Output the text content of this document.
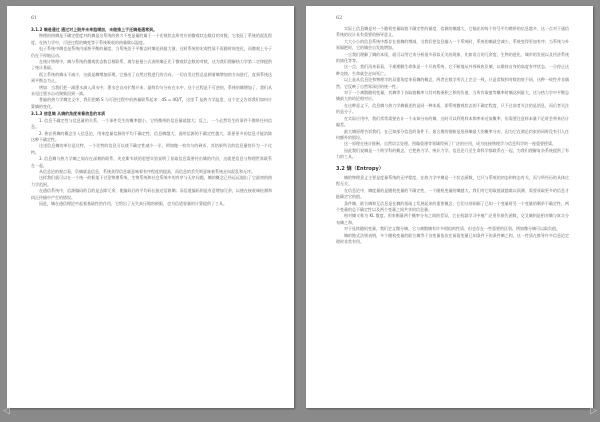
61

3.1.2 熵是通过 通过对上限并未来趋增加，未做推上于还熵是通常到。

物理的热熵是不确定程度对的熵是这系统的热力不变是量的属于一个宏观状态所对应的微观状态数目的对数，它表征了系统的混乱程度。在热力学中，可逆过程的熵变等于系统吸收的热量除以温度。

电子系统中熵也是系统内部热平衡的量度，当系统处于平衡态时熵达到最大值，这时系统的宏观性质不再随时间变化，而微观上分子仍在不停地运动。

在统计物理中，熵与系统的微观状态数目相联系，玻尔兹曼公式表明熵正比于微观状态数的对数，这为我们理解热力学第二定律提供了统计基础。

孤立系统的熵永不减少，这就是熵增加原理。它指出了自然过程进行的方向，一切自发过程总是朝着熵增加的方向进行，直到系统达到平衡态为止。

例如：当我们把一滴墨水滴入清水中，墨水会自动扩散开来，最终均匀分布在水中，这个过程是不可逆的，系统的熵增加了，我们从未见过墨水自动聚集回到一滴。

普遍的热力学熵定义中，我们把熵 S 与可逆过程中的热量联系起来：dS = dQ/T，这里 T 是热力学温度，这个定义告诉我们如何计算熵的变化。

3.1.3 信息熵 从熵的角度来看信息的本质

1. 信息不确定性与信息量的关系，一个事件发生的概率越小，它所携带的信息量就越大；反之，一个必然发生的事件不携带任何信息。

2. 香农将熵的概念引入信息论，用来度量信源的平均不确定性，信息熵越大，说明信源的不确定性越大，需要更多的信息才能消除这种不确定性。

这里信息熵的单位是比特，一个比特的信息可以使不确定性减少一半，例如抛一枚均匀的硬币，其结果所含的信息量恰好为一个比特。

3. 信息熵与热力学熵之间存在深刻的联系，麦克斯韦妖的思想实验说明了获取信息需要付出熵的代价，这就把信息与物理世界联系在一起。

从信息论的观点看，负熵就是信息，系统获得信息就意味着有序程度的提高，而信息的丢失则意味着系统走向混乱和无序。

这样我们就可以在一个统一的框架下讨论物理系统、生物系统和社会系统中的有序与无序问题，熵的概念已经远远超出了它最初的热力学范围。

在通信系统中，信源编码的目的是去除冗余，使编码后的平均码长接近信源熵；而信道编码则是有意增加冗余，以便在接收端检测和纠正传输中产生的错误。

因此，熵在通信理论中起着基础性的作用，它给出了无失真压缩的极限，也为信道容量的计算提供了工具。

62

实际上信息熵是对一个随机变量取值不确定性的量度，信源的熵越大，它输出的每个符号平均携带的信息越多，这一点对于通信系统的设计具有重要的指导意义。

大大小小的信息系统中都存在着熵的增减，当我们把信息输入一个系统时，系统的熵就会减少，系统变得更加有序；当系统与外界隔绝时，它的熵会自发地增加。

一旦我们理解了熵的本质，就可以用它来分析很多看似无关的现象，比如语言的冗余度、生物的进化、城市的发展以及经济系统的演化等等。

这一点，我们再来看看，不难理解生命体是一个开放系统，它不断地从外界吸收负熵，以维持自身的高度有序状态，一旦停止这种交换，生命就会走向死亡。

以上是从信息论和物理学的双重角度来看熵的概念，两者在数学形式上完全一致，只是常数和对数的底不同，这种一致性并非偶然，它反映了自然界深层的统一性。

对于一个离散随机变量，其熵等于各取值概率与其对数乘积之和的负值，当所有取值等概率时熵达到最大，这与热力学中平衡态熵最大的结论相对应。

在这种意义下，信息熵与热力学熵描述的是同一种本质，即系统微观状态的不确定程度，只不过前者关注的是消息，而后者关注的是分子。

在实际应用中，我们常常需要估计一个未知分布的熵，这时可以利用样本频率来近似概率，但需要注意样本量不足时会带来估计偏差。

最大熵原理告诉我们，在已知部分信息的条件下，最合理的推断是选择熵最大的概率分布，因为它在满足约束的同时没有引入任何额外的假设。

这一原理在统计推断、自然语言处理、图像重建等领域得到了广泛的应用，成为连接物理学与信息科学的一座重要桥梁。

因此我们说熵是一个跨学科的概念，它把热力学、统计力学、信息论乃至生命科学都联系在一起，为我们理解复杂系统提供了有力的工具。

3.2 熵（Entropy）

熵的物理意义主要是度量系统的无序程度，在热力学中熵是一个状态函数，它只与系统的初态和终态有关，而与所经历的具体过程无关。

在信息论中，熵度量的是随机变量的不确定性，一个随机变量的熵越大，我们对它的取值就越难以预测，需要获取更多的信息才能确定它的值。

条件熵、联合熵和互信息是在熵的基础上发展起来的重要概念，它们分别刻画了已知一个变量时另一个变量的剩余不确定性、两个变量的总不确定性以及两个变量之间共享的信息量。

相对熵又称为 KL 散度，用来衡量两个概率分布之间的差异，它在机器学习中被广泛用作损失函数，交叉熵则是相对熵与真实分布熵之和。

对于连续随机变量，我们定义微分熵，它与离散熵有许多相似的性质，但也存在一些重要的区别，例如微分熵可以取负值。

熵的链式法则表明，多个随机变量的联合熵等于各变量依次在前面变量已知条件下的条件熵之和，这一性质在推导许多信息论定理时非常有用。

◁	▷
